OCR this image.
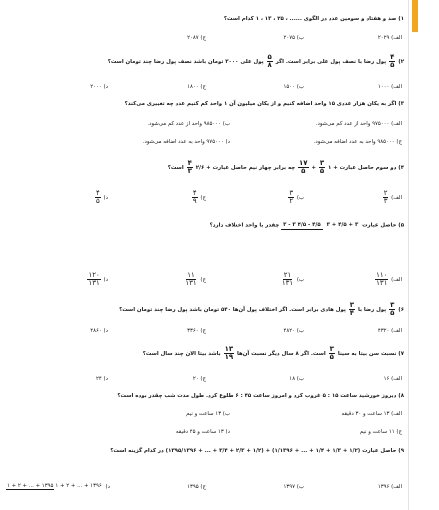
۱) صد و هفتاد و سومین عدد در الگوی ...... ، ۲۵ ، ۱۳ ، ۱ کدام است؟
الف) ۲۰۲۹
ب) ۲۰۷۵
ج) ۲۰۸۷
۲)
$\frac{۴}{۵}$
پول رضا با نصف پول علی برابر است. اگر
$\frac{۵}{۸}$
پول علی ۳۰۰۰ تومان باشد نصف پول رضا چند تومان است؟
الف) ۱۰۰۰
ب) ۱۵۰۰
ج) ۱۸۰۰
د) ۲۰۰۰
۳) اگر به یکان هزار عددی ۱۵ واحد اضافه کنیم و از یکان میلیون آن ۱ واحد کم کنیم عدد چه تغییری می‌کند؟
الف) ۹۷۵۰۰۰ واحد از عدد کم می‌شود.
ب) ۹۸۵۰۰۰ واحد از عدد کم می‌شود.
ج) ۹۸۵۰۰۰ واحد به عدد اضافه می‌شود.
د) ۹۷۵۰۰۰ واحد به عدد اضافه می‌شود.
۴) دو سوم حاصل عبارت
$\frac{۱۷}{۵} + \frac{۳}{۵}$ ۱ + چه برابر چهار نیم حاصل عبارت
$\frac{۴}{۳}$ ۲/۶ + است؟
الف)
$\frac{۲}{۳}$
ب)
$\frac{۳}{۲}$
ج)
$\frac{۴}{۹}$
د)
$\frac{۴}{۵}$
۵) حاصل عبارت ۳ - ۳ ۴/۵ - ۴/۵ ۳ + ۴/۵ + ۳ چقدر با واحد اختلاف دارد؟
الف)
$\frac{۱۱۰}{۱۳۱}$
ب)
$\frac{۲۱}{۱۳۱}$
ج)
$\frac{۱۱}{۱۳۱}$
د)
$\frac{۱۲۰}{۱۳۱}$
۶)
$\frac{۳}{۵}$
پول رضا با
$\frac{۳}{۴}$
پول هادی برابر است. اگر اختلاف پول آن‌ها ۵۴۰ تومان باشد پول رضا چند تومان است؟
الف) ۴۳۲۰
ب) ۴۸۲۰
ج) ۳۳۶۰
د) ۴۸۶۰
۷) نسبت سن بیتا به سینا
$\frac{۳}{۵}$
است. اگر ۸ سال دیگر نسبت آن‌ها
$\frac{۱۳}{۱۹}$
باشد بیتا الان چند سال است؟
الف) ۱۶
ب) ۱۸
ج) ۲۰
د) ۲۴
۸) دیروز خورشید ساعت ۱۵ : ۵ غروب کرد و امروز ساعت ۴۵ : ۶ طلوع کرد. طول مدت شب چقدر بوده است؟
الف) ۱۳ ساعت و ۳۰ دقیقه
ب) ۱۳ ساعت و نیم
ج) ۱۱ ساعت و نیم
د) ۱۳ ساعت و ۴۵ دقیقه
۹) حاصل عبارت (۱۳۹۵/۱۳۹۶ + ... + ۳/۴ + ۲/۳ + ۱/۲) + (۱/۱۳۹۶ + ... + ۱/۴ + ۱/۳ + ۱/۲) در کدام گزینه است؟
الف) ۱۳۹۶
ب) ۱۳۹۷
ج) ۱۳۹۵
د) ۱ + ۲ + ... + ۱۳۹۵ ۱ + ۲ + ... + ۱۳۹۶
